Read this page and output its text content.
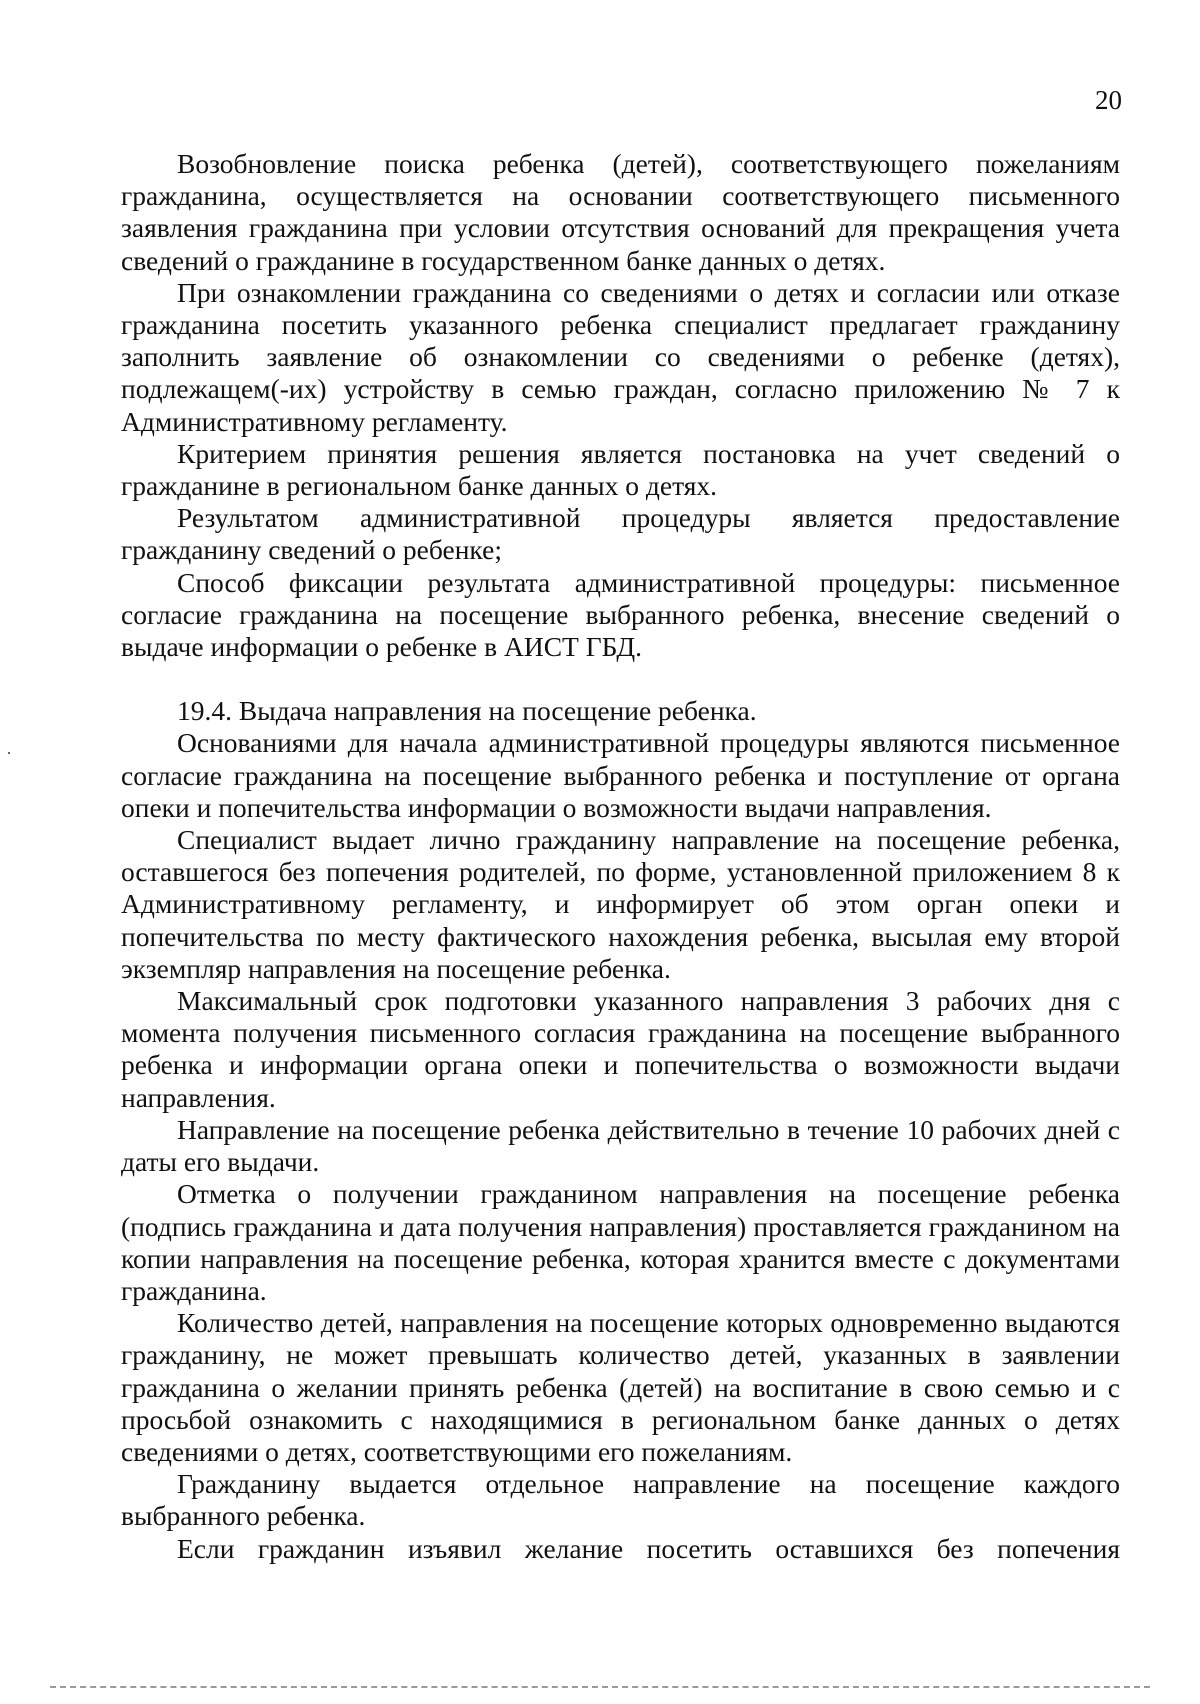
20

Возобновление поиска ребенка (детей), соответствующего пожеланиям гражданина, осуществляется на основании соответствующего письменного заявления гражданина при условии отсутствия оснований для прекращения учета сведений о гражданине в государственном банке данных о детях.

При ознакомлении гражданина со сведениями о детях и согласии или отказе гражданина посетить указанного ребенка специалист предлагает гражданину заполнить заявление об ознакомлении со сведениями о ребенке (детях), подлежащем(-их) устройству в семью граждан, согласно приложению № 7 к Административному регламенту.

Критерием принятия решения является постановка на учет сведений о гражданине в региональном банке данных о детях.

Результатом административной процедуры является предоставление гражданину сведений о ребенке;

Способ фиксации результата административной процедуры: письменное согласие гражданина на посещение выбранного ребенка, внесение сведений о выдаче информации о ребенке в АИСТ ГБД.

19.4. Выдача направления на посещение ребенка.

Основаниями для начала административной процедуры являются письменное согласие гражданина на посещение выбранного ребенка и поступление от органа опеки и попечительства информации о возможности выдачи направления.

Специалист выдает лично гражданину направление на посещение ребенка, оставшегося без попечения родителей, по форме, установленной приложением 8 к Административному регламенту, и информирует об этом орган опеки и попечительства по месту фактического нахождения ребенка, высылая ему второй экземпляр направления на посещение ребенка.

Максимальный срок подготовки указанного направления 3 рабочих дня с момента получения письменного согласия гражданина на посещение выбранного ребенка и информации органа опеки и попечительства о возможности выдачи направления.

Направление на посещение ребенка действительно в течение 10 рабочих дней с даты его выдачи.

Отметка о получении гражданином направления на посещение ребенка (подпись гражданина и дата получения направления) проставляется гражданином на копии направления на посещение ребенка, которая хранится вместе с документами гражданина.

Количество детей, направления на посещение которых одновременно выдаются гражданину, не может превышать количество детей, указанных в заявлении гражданина о желании принять ребенка (детей) на воспитание в свою семью и с просьбой ознакомить с находящимися в региональном банке данных о детях сведениями о детях, соответствующими его пожеланиям.

Гражданину выдается отдельное направление на посещение каждого выбранного ребенка.

Если гражданин изъявил желание посетить оставшихся без попечения
